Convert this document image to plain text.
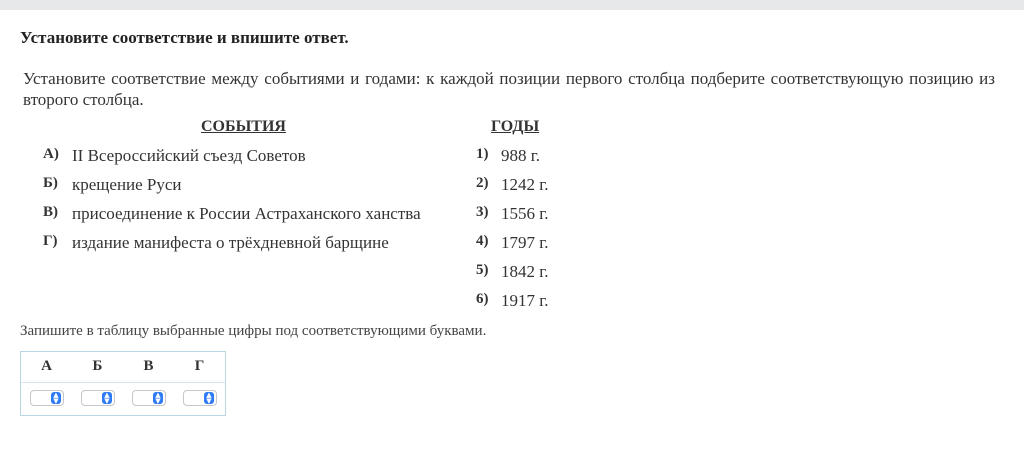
Установите соответствие и впишите ответ.
Установите соответствие между событиями и годами: к каждой позиции первого столбца подберите соответствующую позицию из второго столбца.
СОБЫТИЯ	ГОДЫ
А) II Всероссийский съезд Советов
Б) крещение Руси
В) присоединение к России Астраханского ханства
Г) издание манифеста о трёхдневной барщине
1) 988 г.
2) 1242 г.
3) 1556 г.
4) 1797 г.
5) 1842 г.
6) 1917 г.
Запишите в таблицу выбранные цифры под соответствующими буквами.
А
▲
▼
Б
▲
▼
В
▲
▼
Г
▲
▼
